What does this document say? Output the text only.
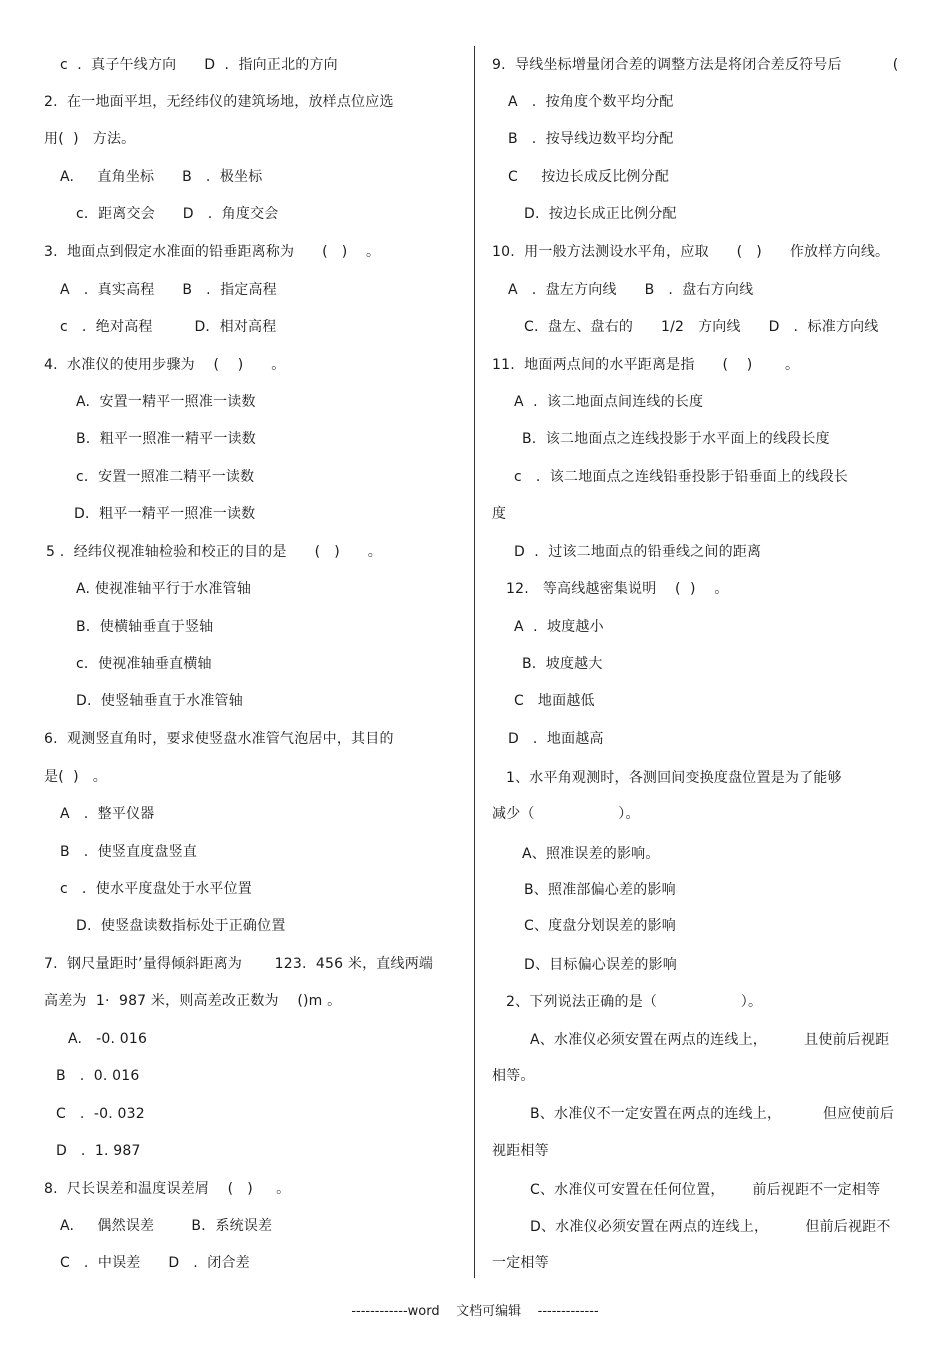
c  .  真子午线方向      D  .  指向正北的方向
2.  在一地面平坦，无经纬仪的建筑场地，放样点位应选
用(  )   方法。
A.     直角坐标      B   .  极坐标
c．距离交会      D   .  角度交会
3.  地面点到假定水准面的铅垂距离称为      (   )    。
A   .  真实高程      B   .  指定高程
c   .  绝对高程         D．相对高程
4.  水准仪的使用步骤为    (    )      。
A.  安置一精平一照准一读数
B.  粗平一照准一精平一读数
c．安置一照准二精平一读数
D．粗平一精平一照准一读数
5 .  经纬仪视准轴检验和校正的目的是      (   )      。
A. 使视准轴平行于水准管轴
B.  使横轴垂直于竖轴
c．使视准轴垂直横轴
D.  使竖轴垂直于水准管轴
6.  观测竖直角时，要求使竖盘水准管气泡居中，其目的
是(  )   。
A   .  整平仪器
B   .  使竖直度盘竖直
c   .  使水平度盘处于水平位置
D.  使竖盘读数指标处于正确位置
7.  钢尺量距时’量得倾斜距离为       123.  456 米，直线两端
高差为  1·  987 米，则高差改正数为    ()m 。
A.   -0. 016
B   .  0. 016
C   .  -0. 032
D   .  1. 987
8.  尺长误差和温度误差屑    (   )     。
A.     偶然误差        B．系统误差
C   .  中误差      D   .  闭合差
9.  导线坐标增量闭合差的调整方法是将闭合差反符号后           (
A   .  按角度个数平均分配
B   .  按导线边数平均分配
C     按边长成反比例分配
D.  按边长成正比例分配
10.  用一般方法测设水平角，应取      (   )      作放样方向线。
A   .  盘左方向线      B   .  盘右方向线
C.  盘左、盘右的      1/2   方向线      D   .  标准方向线
11.  地面两点间的水平距离是指      (    )       。
A  .  该二地面点间连线的长度
B.  该二地面点之连线投影于水平面上的线段长度
c   .  该二地面点之连线铅垂投影于铅垂面上的线段长
度
D  .  过该二地面点的铅垂线之间的距离
12.   等高线越密集说明    (  )    。
A  .  坡度越小
B.  坡度越大
C   地面越低
D   .  地面越高
1、水平角观测时，各测回间变换度盘位置是为了能够
减少（                  ）。
A、照准误差的影响。
B、照准部偏心差的影响
C、度盘分划误差的影响
D、目标偏心误差的影响
2、下列说法正确的是（                  ）。
A、水准仪必须安置在两点的连线上，        且使前后视距
相等。
B、水准仪不一定安置在两点的连线上，         但应使前后
视距相等
C、水准仪可安置在任何位置，      前后视距不一定相等
D、水准仪必须安置在两点的连线上，        但前后视距不
一定相等
------------word    文档可编辑    -------------
